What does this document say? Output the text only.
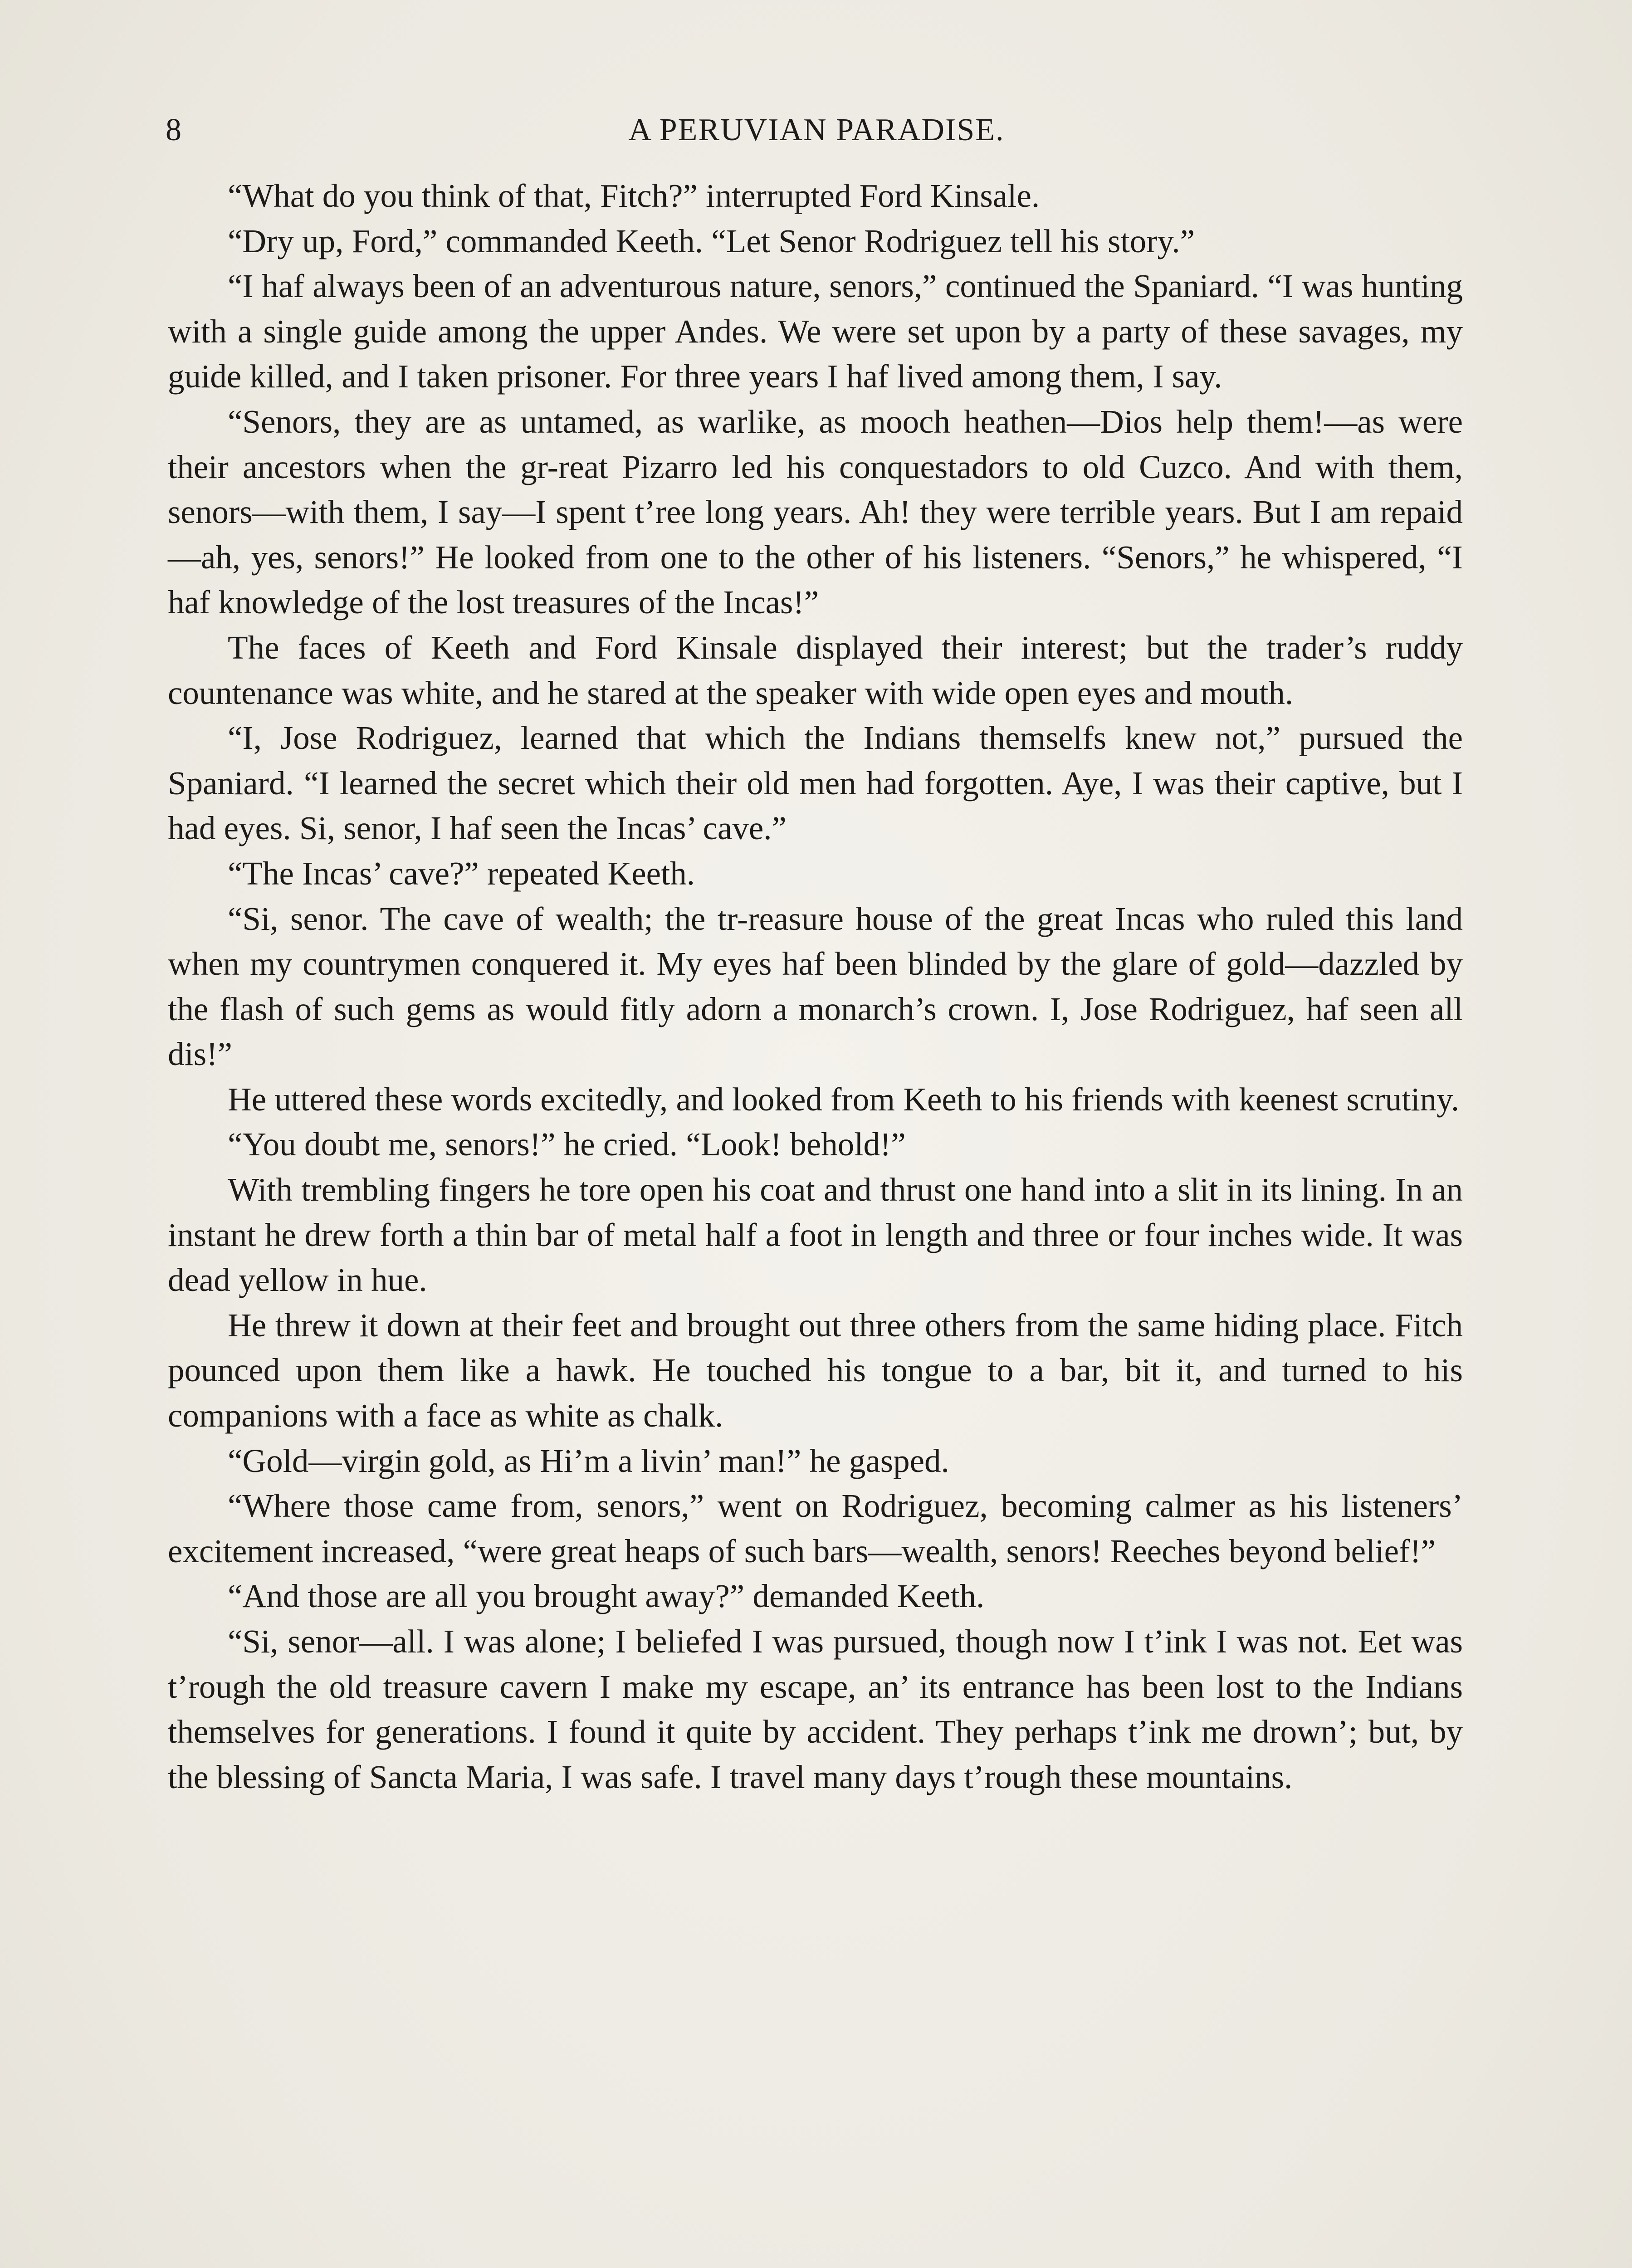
8	A PERUVIAN PARADISE.

“What do you think of that, Fitch?” interrupted Ford Kinsale.

“Dry up, Ford,” commanded Keeth. “Let Senor Rodriguez tell his story.”

“I haf always been of an adventurous nature, senors,” continued the Spaniard. “I was hunting with a single guide among the upper Andes. We were set upon by a party of these savages, my guide killed, and I taken prisoner. For three years I haf lived among them, I say.

“Senors, they are as untamed, as warlike, as mooch heathen—Dios help them!—as were their ancestors when the gr-reat Pizarro led his conquestadors to old Cuzco. And with them, senors—with them, I say—I spent t’ree long years. Ah! they were terrible years. But I am repaid—ah, yes, senors!” He looked from one to the other of his listeners. “Senors,” he whispered, “I haf knowledge of the lost treasures of the Incas!”

The faces of Keeth and Ford Kinsale displayed their interest; but the trader’s ruddy countenance was white, and he stared at the speaker with wide open eyes and mouth.

“I, Jose Rodriguez, learned that which the Indians themselfs knew not,” pursued the Spaniard. “I learned the secret which their old men had forgotten. Aye, I was their captive, but I had eyes. Si, senor, I haf seen the Incas’ cave.”

“The Incas’ cave?” repeated Keeth.

“Si, senor. The cave of wealth; the tr-reasure house of the great Incas who ruled this land when my countrymen conquered it. My eyes haf been blinded by the glare of gold—dazzled by the flash of such gems as would fitly adorn a monarch’s crown. I, Jose Rodriguez, haf seen all dis!”

He uttered these words excitedly, and looked from Keeth to his friends with keenest scrutiny.

“You doubt me, senors!” he cried. “Look! behold!”

With trembling fingers he tore open his coat and thrust one hand into a slit in its lining. In an instant he drew forth a thin bar of metal half a foot in length and three or four inches wide. It was dead yellow in hue.

He threw it down at their feet and brought out three others from the same hiding place. Fitch pounced upon them like a hawk. He touched his tongue to a bar, bit it, and turned to his companions with a face as white as chalk.

“Gold—virgin gold, as Hi’m a livin’ man!” he gasped.

“Where those came from, senors,” went on Rodriguez, becoming calmer as his listeners’ excitement increased, “were great heaps of such bars—wealth, senors! Reeches beyond belief!”

“And those are all you brought away?” demanded Keeth.

“Si, senor—all. I was alone; I beliefed I was pursued, though now I t’ink I was not. Eet was t’rough the old treasure cavern I make my escape, an’ its entrance has been lost to the Indians themselves for generations. I found it quite by accident. They perhaps t’ink me drown’; but, by the blessing of Sancta Maria, I was safe. I travel many days t’rough these mountains.
